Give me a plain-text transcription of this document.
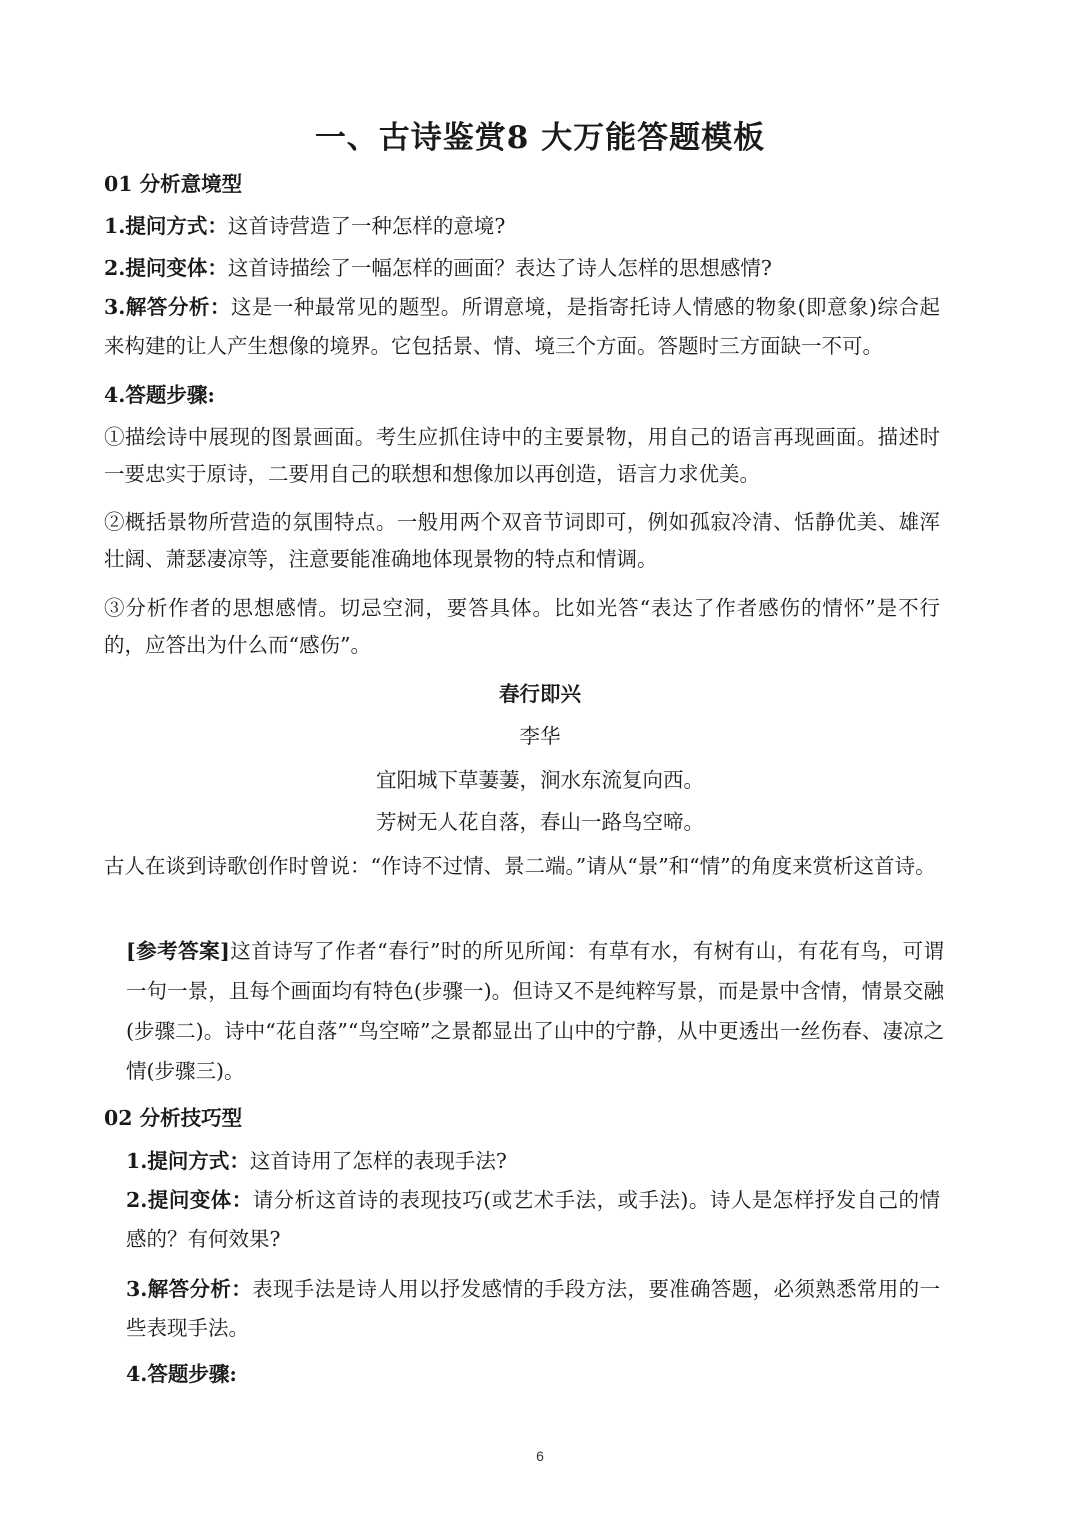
一、古诗鉴赏8 大万能答题模板
01 分析意境型
1.提问方式：这首诗营造了一种怎样的意境?
2.提问变体：这首诗描绘了一幅怎样的画面？表达了诗人怎样的思想感情?
3.解答分析：这是一种最常见的题型。所谓意境，是指寄托诗人情感的物象(即意象)综合起来构建的让人产生想像的境界。它包括景、情、境三个方面。答题时三方面缺一不可。
4.答题步骤:
①描绘诗中展现的图景画面。考生应抓住诗中的主要景物，用自己的语言再现画面。描述时一要忠实于原诗，二要用自己的联想和想像加以再创造，语言力求优美。
②概括景物所营造的氛围特点。一般用两个双音节词即可，例如孤寂冷清、恬静优美、雄浑壮阔、萧瑟凄凉等，注意要能准确地体现景物的特点和情调。
③分析作者的思想感情。切忌空洞，要答具体。比如光答“表达了作者感伤的情怀”是不行的，应答出为什么而“感伤”。
春行即兴
李华
宜阳城下草萋萋，涧水东流复向西。
芳树无人花自落，春山一路鸟空啼。
古人在谈到诗歌创作时曾说：“作诗不过情、景二端。”请从“景”和“情”的角度来赏析这首诗。
[参考答案]这首诗写了作者“春行”时的所见所闻：有草有水，有树有山，有花有鸟，可谓一句一景，且每个画面均有特色(步骤一)。但诗又不是纯粹写景，而是景中含情，情景交融(步骤二)。诗中“花自落”“鸟空啼”之景都显出了山中的宁静，从中更透出一丝伤春、凄凉之情(步骤三)。
02 分析技巧型
1.提问方式：这首诗用了怎样的表现手法?
2.提问变体：请分析这首诗的表现技巧(或艺术手法，或手法)。诗人是怎样抒发自己的情感的？有何效果?
3.解答分析：表现手法是诗人用以抒发感情的手段方法，要准确答题，必须熟悉常用的一些表现手法。
4.答题步骤:
6
